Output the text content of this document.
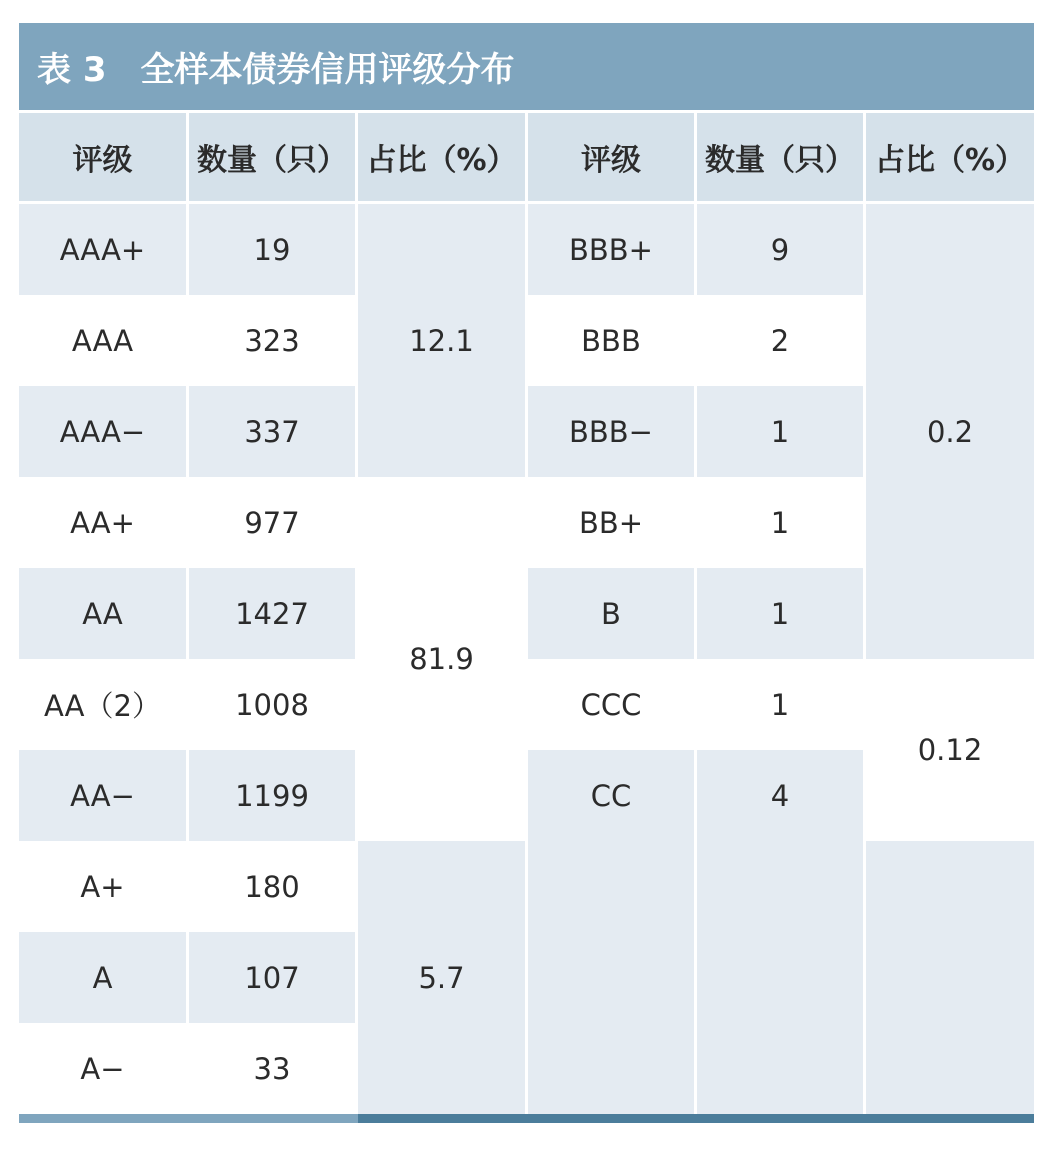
表 3 全样本债券信用评级分布
评级	数量（只）	占比（%）	评级	数量（只）	占比（%）
AAA+	19	12.1	BBB+	9	0.2
AAA	323		BBB	2	
AAA−	337		BBB−	1	
AA+	977	81.9	BB+	1	
AA	1427		B	1	
AA（2）	1008		CCC	1	0.12
AA−	1199		CC	4	
A+	180	5.7			
A	107				
A−	33				
